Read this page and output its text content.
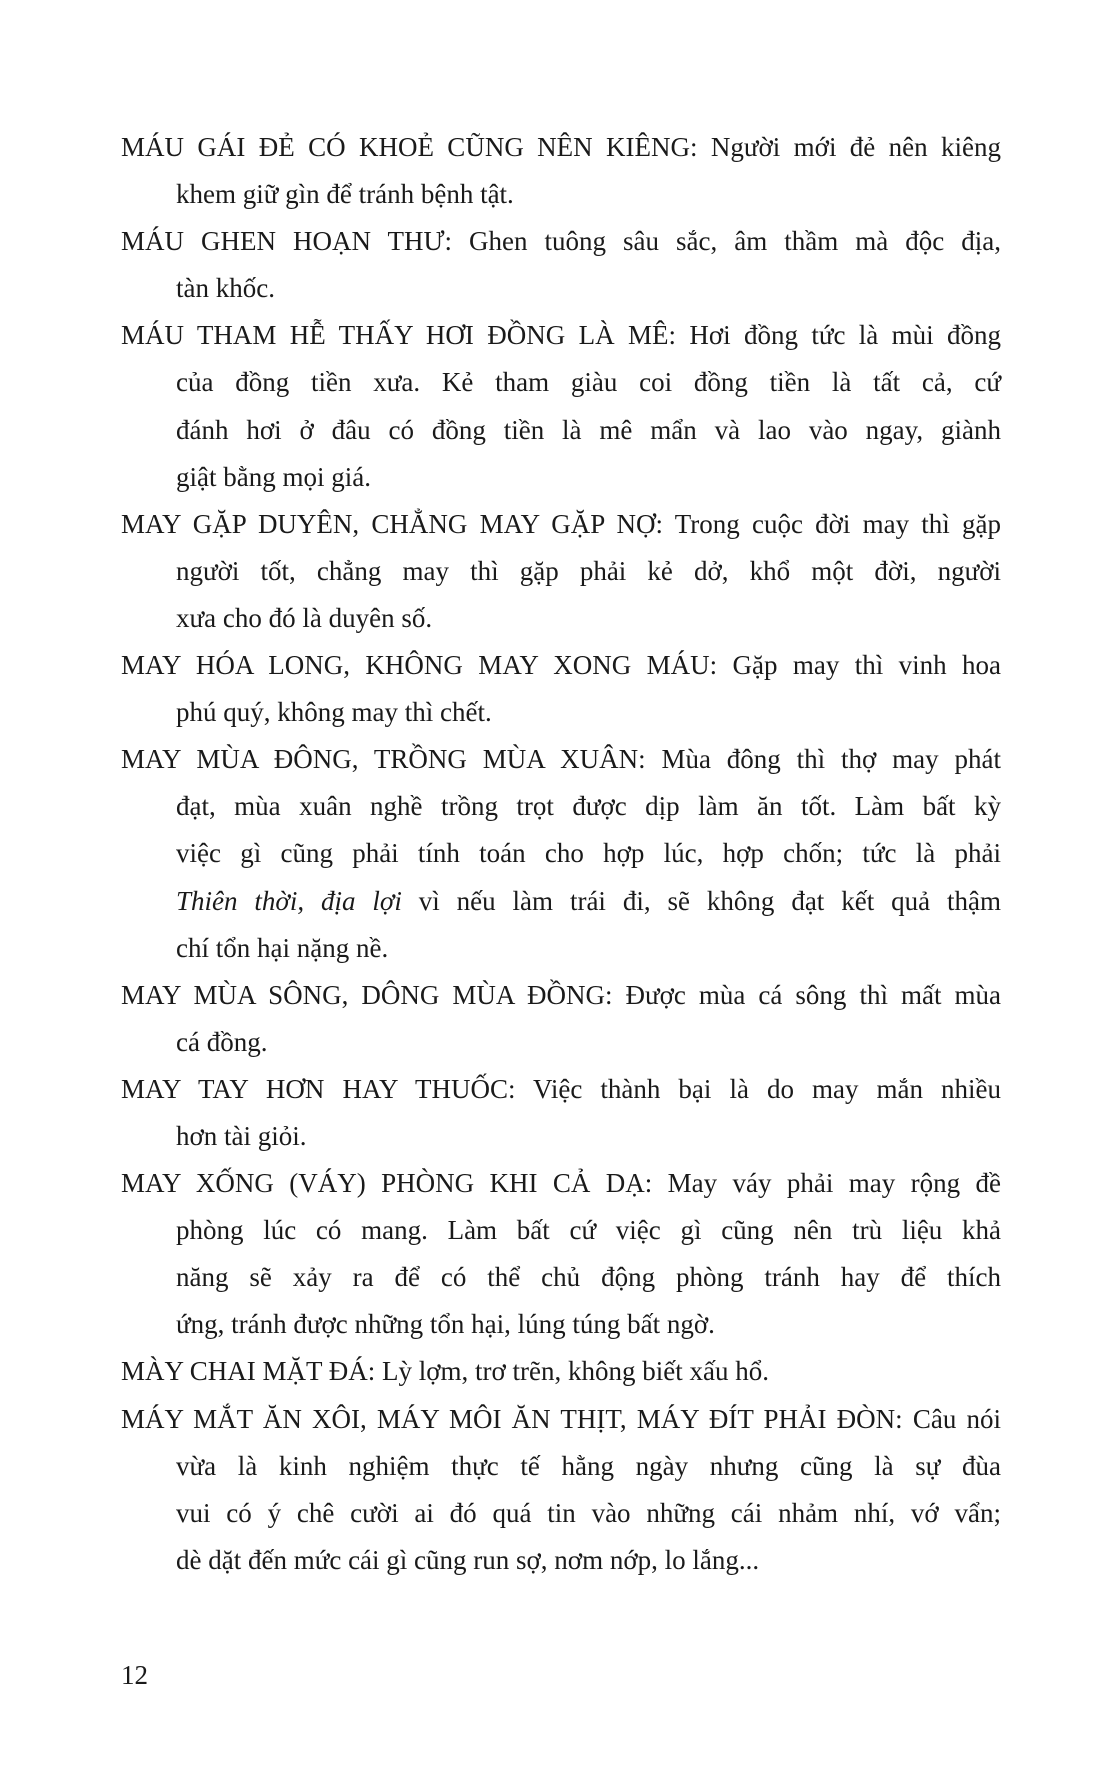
MÁU GÁI ĐẺ CÓ KHOẺ CŨNG NÊN KIÊNG: Người mới đẻ nên kiêng
khem giữ gìn để tránh bệnh tật.
MÁU GHEN HOẠN THƯ: Ghen tuông sâu sắc, âm thầm mà độc địa,
tàn khốc.
MÁU THAM HỄ THẤY HƠI ĐỒNG LÀ MÊ: Hơi đồng tức là mùi đồng
của đồng tiền xưa. Kẻ tham giàu coi đồng tiền là tất cả, cứ
đánh hơi ở đâu có đồng tiền là mê mẩn và lao vào ngay, giành
giật bằng mọi giá.
MAY GẶP DUYÊN, CHẲNG MAY GẶP NỢ: Trong cuộc đời may thì gặp
người tốt, chẳng may thì gặp phải kẻ dở, khổ một đời, người
xưa cho đó là duyên số.
MAY HÓA LONG, KHÔNG MAY XONG MÁU: Gặp may thì vinh hoa
phú quý, không may thì chết.
MAY MÙA ĐÔNG, TRỒNG MÙA XUÂN: Mùa đông thì thợ may phát
đạt, mùa xuân nghề trồng trọt được dịp làm ăn tốt. Làm bất kỳ
việc gì cũng phải tính toán cho hợp lúc, hợp chốn; tức là phải
Thiên thời, địa lợi vì nếu làm trái đi, sẽ không đạt kết quả thậm
chí tổn hại nặng nề.
MAY MÙA SÔNG, DÔNG MÙA ĐỒNG: Được mùa cá sông thì mất mùa
cá đồng.
MAY TAY HƠN HAY THUỐC: Việc thành bại là do may mắn nhiều
hơn tài giỏi.
MAY XỐNG (VÁY) PHÒNG KHI CẢ DẠ: May váy phải may rộng đề
phòng lúc có mang. Làm bất cứ việc gì cũng nên trù liệu khả
năng sẽ xảy ra để có thể chủ động phòng tránh hay để thích
ứng, tránh được những tổn hại, lúng túng bất ngờ.
MÀY CHAI MẶT ĐÁ: Lỳ lợm, trơ trẽn, không biết xấu hổ.
MÁY MẮT ĂN XÔI, MÁY MÔI ĂN THỊT, MÁY ĐÍT PHẢI ĐÒN: Câu nói
vừa là kinh nghiệm thực tế hằng ngày nhưng cũng là sự đùa
vui có ý chê cười ai đó quá tin vào những cái nhảm nhí, vớ vẩn;
dè dặt đến mức cái gì cũng run sợ, nơm nớp, lo lắng...
12
